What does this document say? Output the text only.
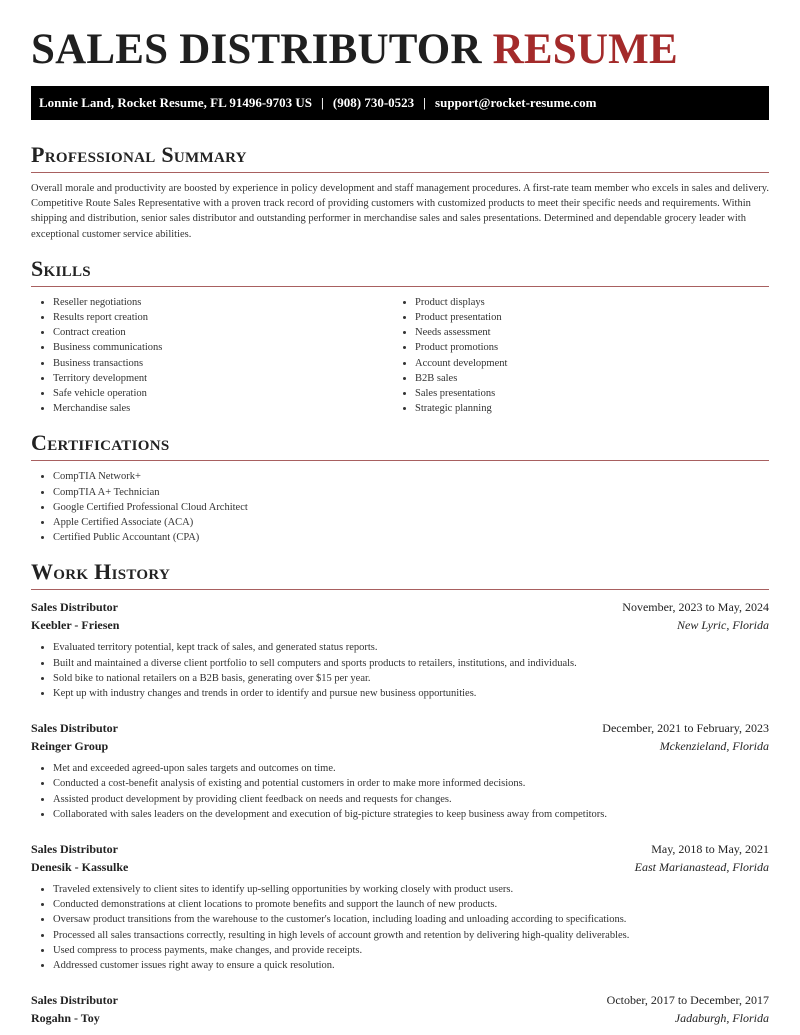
SALES DISTRIBUTOR RESUME
Lonnie Land, Rocket Resume, FL 91496-9703 US | (908) 730-0523 | support@rocket-resume.com
Professional Summary

Overall morale and productivity are boosted by experience in policy development and staff management procedures. A first-rate team member who excels in sales and delivery. Competitive Route Sales Representative with a proven track record of providing customers with customized products to meet their specific needs and requirements. Within shipping and distribution, senior sales distributor and outstanding performer in merchandise sales and sales presentations. Determined and dependable grocery leader with exceptional customer service abilities.

Skills
• Reseller negotiations
• Results report creation
• Contract creation
• Business communications
• Business transactions
• Territory development
• Safe vehicle operation
• Merchandise sales
• Product displays
• Product presentation
• Needs assessment
• Product promotions
• Account development
• B2B sales
• Sales presentations
• Strategic planning
Certifications
• CompTIA Network+
• CompTIA A+ Technician
• Google Certified Professional Cloud Architect
• Apple Certified Associate (ACA)
• Certified Public Accountant (CPA)
Work History
Sales Distributor	November, 2023 to May, 2024
Keebler - Friesen	New Lyric, Florida
• Evaluated territory potential, kept track of sales, and generated status reports.
• Built and maintained a diverse client portfolio to sell computers and sports products to retailers, institutions, and individuals.
• Sold bike to national retailers on a B2B basis, generating over $15 per year.
• Kept up with industry changes and trends in order to identify and pursue new business opportunities.
Sales Distributor	December, 2021 to February, 2023
Reinger Group	Mckenzieland, Florida
• Met and exceeded agreed-upon sales targets and outcomes on time.
• Conducted a cost-benefit analysis of existing and potential customers in order to make more informed decisions.
• Assisted product development by providing client feedback on needs and requests for changes.
• Collaborated with sales leaders on the development and execution of big-picture strategies to keep business away from competitors.
Sales Distributor	May, 2018 to May, 2021
Denesik - Kassulke	East Marianastead, Florida
• Traveled extensively to client sites to identify up-selling opportunities by working closely with product users.
• Conducted demonstrations at client locations to promote benefits and support the launch of new products.
• Oversaw product transitions from the warehouse to the customer's location, including loading and unloading according to specifications.
• Processed all sales transactions correctly, resulting in high levels of account growth and retention by delivering high-quality deliverables.
• Used compress to process payments, make changes, and provide receipts.
• Addressed customer issues right away to ensure a quick resolution.
Sales Distributor	October, 2017 to December, 2017
Rogahn - Toy	Jadaburgh, Florida
